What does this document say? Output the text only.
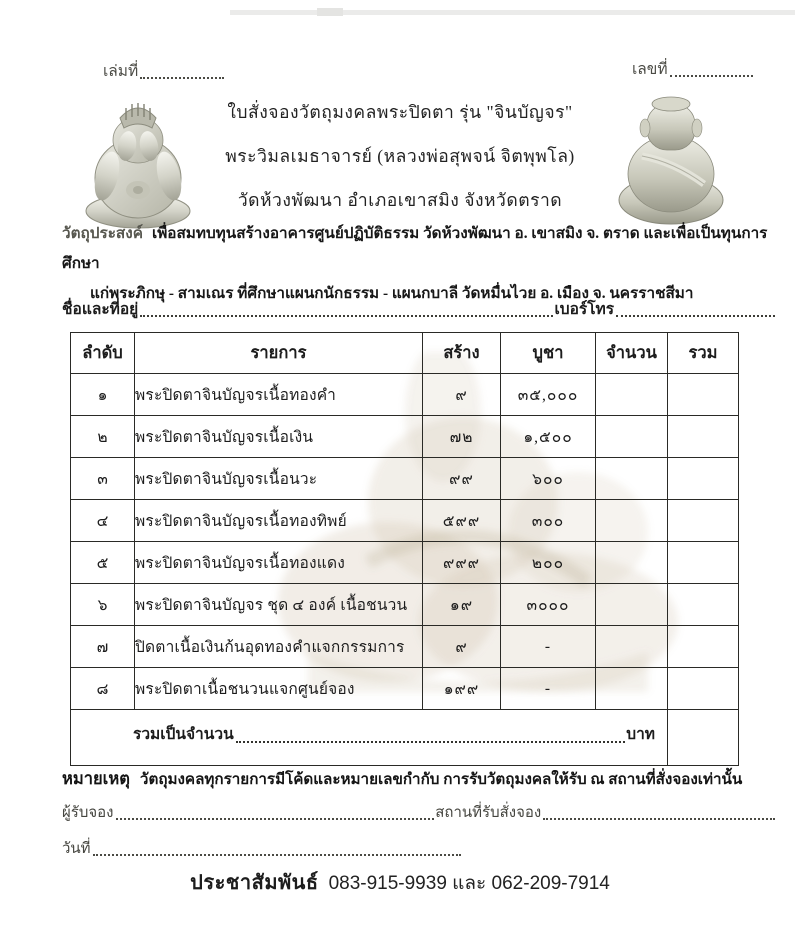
เล่มที่	เลขที่
ใบสั่งจองวัตถุมงคลพระปิดตา รุ่น "จินบัญจร"
พระวิมลเมธาจารย์ (หลวงพ่อสุพจน์ จิตพุพโล)
วัดห้วงพัฒนา อำเภอเขาสมิง จังหวัดตราด
วัตถุประสงค์ เพื่อสมทบทุนสร้างอาคารศูนย์ปฏิบัติธรรม วัดห้วงพัฒนา อ. เขาสมิง จ. ตราด และเพื่อเป็นทุนการศึกษา
แก่พระภิกษุ - สามเณร ที่ศึกษาแผนกนักธรรม - แผนกบาลี วัดหมื่นไวย อ. เมือง จ. นครราชสีมา
ชื่อและที่อยู่	เบอร์โทร
ลำดับ	รายการ	สร้าง	บูชา	จำนวน	รวม
๑	พระปิดตาจินบัญจรเนื้อทองคำ	๙	๓๕,๐๐๐		
๒	พระปิดตาจินบัญจรเนื้อเงิน	๗๒	๑,๕๐๐		
๓	พระปิดตาจินบัญจรเนื้อนวะ	๙๙	๖๐๐		
๔	พระปิดตาจินบัญจรเนื้อทองทิพย์	๕๙๙	๓๐๐		
๕	พระปิดตาจินบัญจรเนื้อทองแดง	๙๙๙	๒๐๐		
๖	พระปิดตาจินบัญจร ชุด ๔ องค์ เนื้อชนวน	๑๙	๓๐๐๐		
๗	ปิดตาเนื้อเงินก้นอุดทองคำแจกกรรมการ	๙	-		
๘	พระปิดตาเนื้อชนวนแจกศูนย์จอง	๑๙๙	-		

รวมเป็นจำนวน บาท					

หมายเหตุ วัตถุมงคลทุกรายการมีโค้ดและหมายเลขกำกับ การรับวัตถุมงคลให้รับ ณ สถานที่สั่งจองเท่านั้น
ผู้รับจอง	สถานที่รับสั่งจอง
วันที่
ประชาสัมพันธ์ 083-915-9939 และ 062-209-7914
